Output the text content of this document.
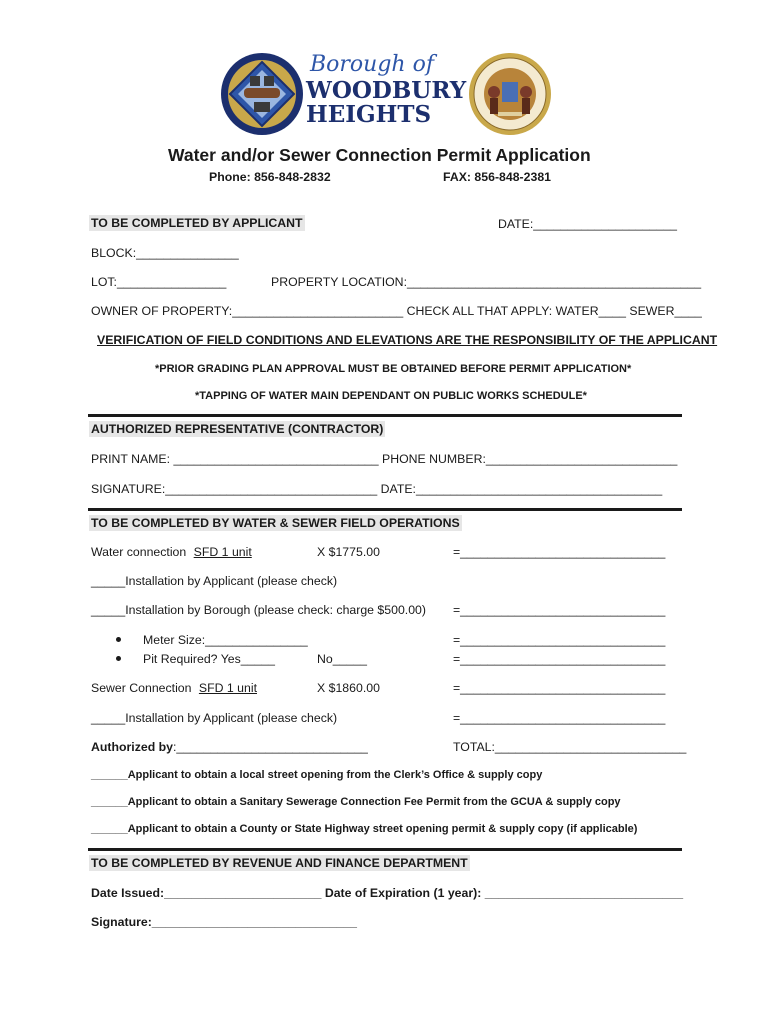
Borough of
WOODBURY
HEIGHTS
Water and/or Sewer Connection Permit Application
Phone: 856-848-2832	FAX: 856-848-2381
TO BE COMPLETED BY APPLICANT	DATE:_____________________
BLOCK:_______________
LOT:________________	PROPERTY LOCATION:___________________________________________
OWNER OF PROPERTY:_________________________ CHECK ALL THAT APPLY: WATER____ SEWER____
VERIFICATION OF FIELD CONDITIONS AND ELEVATIONS ARE THE RESPONSIBILITY OF THE APPLICANT
*PRIOR GRADING PLAN APPROVAL MUST BE OBTAINED BEFORE PERMIT APPLICATION*
*TAPPING OF WATER MAIN DEPENDANT ON PUBLIC WORKS SCHEDULE*
AUTHORIZED REPRESENTATIVE (CONTRACTOR)
PRINT NAME: ______________________________ PHONE NUMBER:____________________________
SIGNATURE:_______________________________ DATE:____________________________________
TO BE COMPLETED BY WATER & SEWER FIELD OPERATIONS
Water connection SFD 1 unit	X $1775.00	=______________________________
_____Installation by Applicant (please check)
_____Installation by Borough (please check: charge $500.00) =______________________________
Meter Size:_______________	=______________________________
Pit Required? Yes_____	No_____	=______________________________
Sewer Connection SFD 1 unit	X $1860.00	=______________________________
_____Installation by Applicant (please check)	=______________________________
Authorized by:____________________________	TOTAL:____________________________
______Applicant to obtain a local street opening from the Clerk’s Office & supply copy
______Applicant to obtain a Sanitary Sewerage Connection Fee Permit from the GCUA & supply copy
______Applicant to obtain a County or State Highway street opening permit & supply copy (if applicable)
TO BE COMPLETED BY REVENUE AND FINANCE DEPARTMENT
Date Issued:_______________________ Date of Expiration (1 year): _____________________________
Signature:______________________________
